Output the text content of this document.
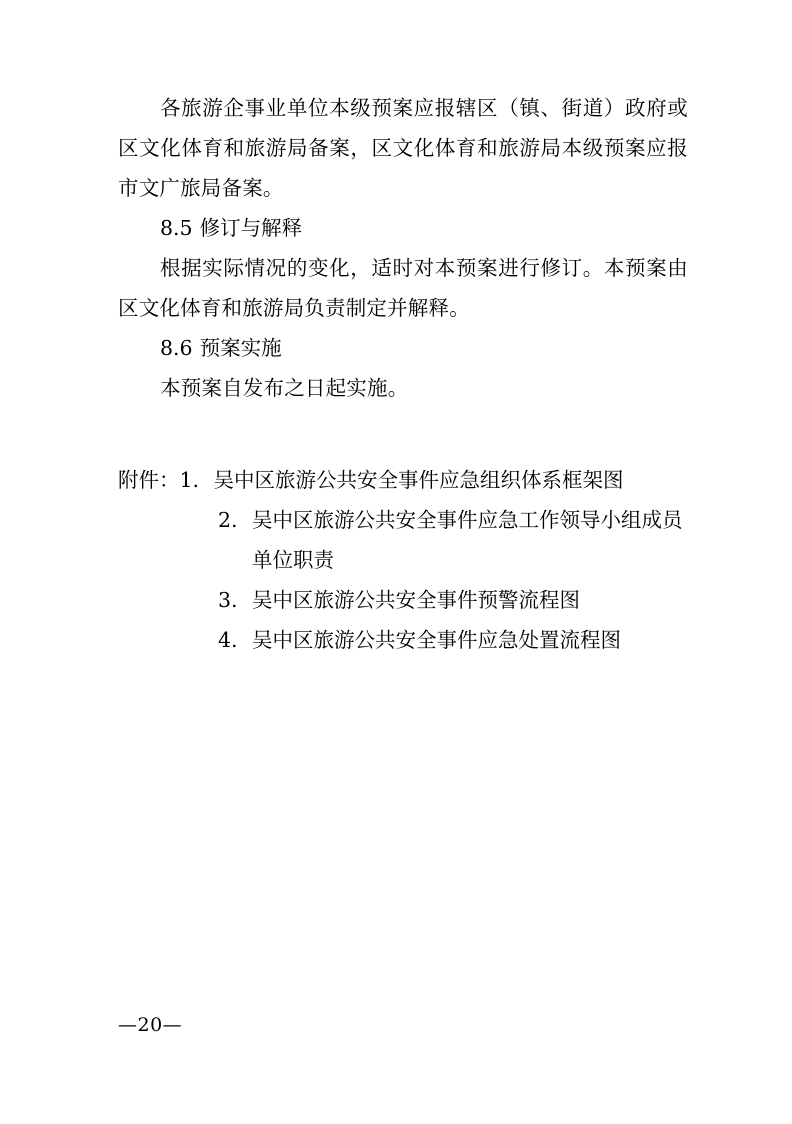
各旅游企事业单位本级预案应报辖区（镇、街道）政府或区文化体育和旅游局备案，区文化体育和旅游局本级预案应报市文广旅局备案。

8.5 修订与解释

根据实际情况的变化，适时对本预案进行修订。本预案由区文化体育和旅游局负责制定并解释。

8.6 预案实施

本预案自发布之日起实施。

附件： 1. 吴中区旅游公共安全事件应急组织体系框架图
2. 吴中区旅游公共安全事件应急工作领导小组成员
单位职责
3. 吴中区旅游公共安全事件预警流程图
4. 吴中区旅游公共安全事件应急处置流程图
—20—
